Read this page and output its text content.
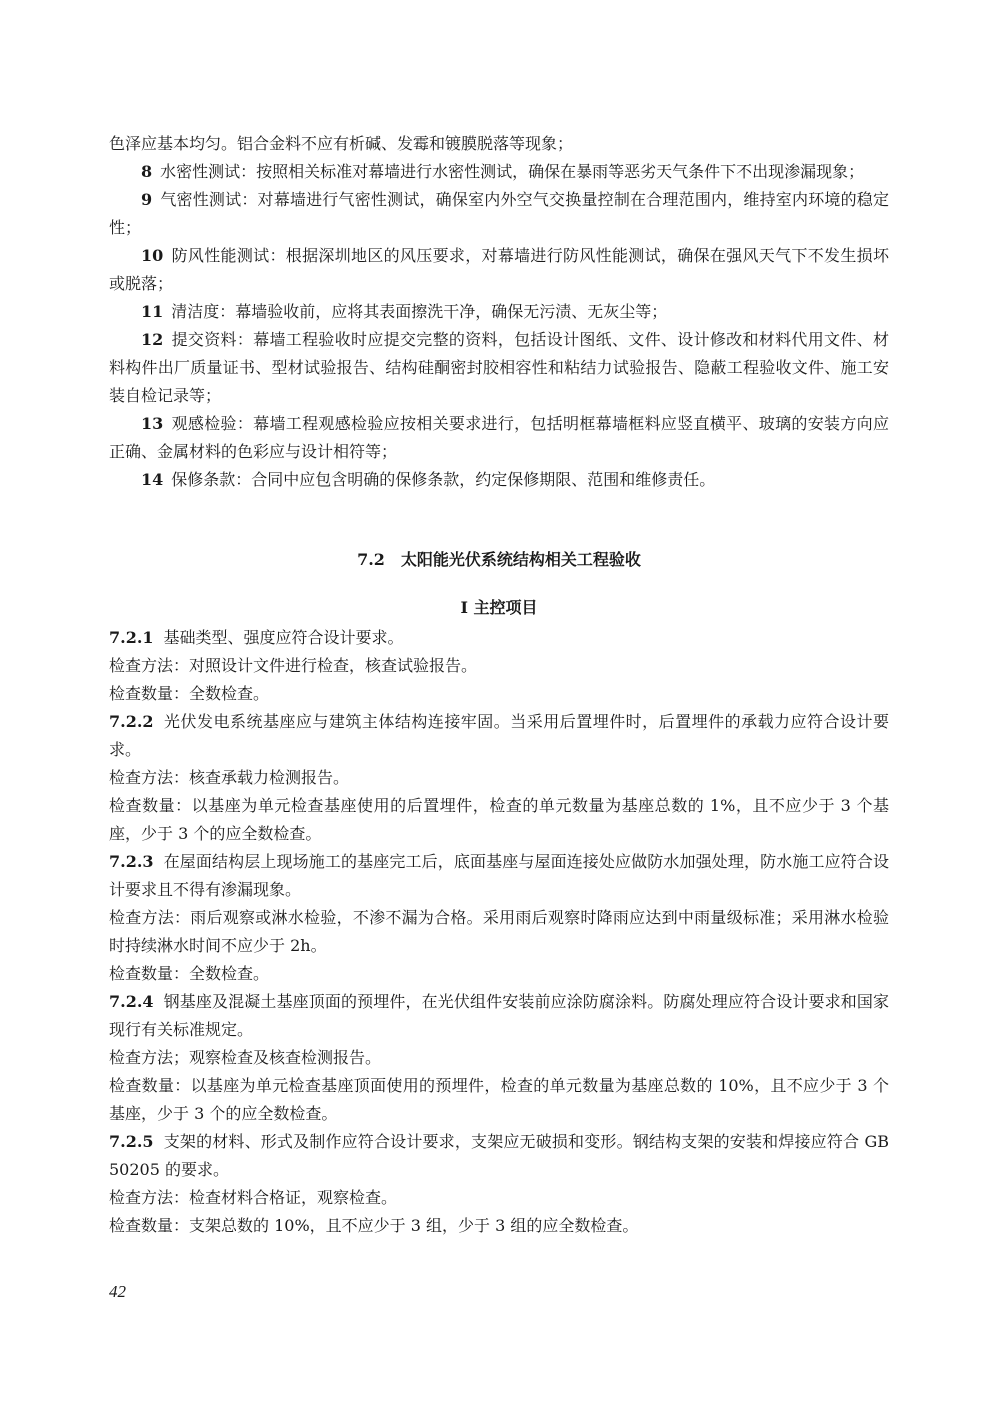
色泽应基本均匀。铝合金料不应有析碱、发霉和镀膜脱落等现象；

8 水密性测试：按照相关标准对幕墙进行水密性测试，确保在暴雨等恶劣天气条件下不出现渗漏现象；

9 气密性测试：对幕墙进行气密性测试，确保室内外空气交换量控制在合理范围内，维持室内环境的稳定性；

10 防风性能测试：根据深圳地区的风压要求，对幕墙进行防风性能测试，确保在强风天气下不发生损坏或脱落；

11 清洁度：幕墙验收前，应将其表面擦洗干净，确保无污渍、无灰尘等；

12 提交资料：幕墙工程验收时应提交完整的资料，包括设计图纸、文件、设计修改和材料代用文件、材料构件出厂质量证书、型材试验报告、结构硅酮密封胶相容性和粘结力试验报告、隐蔽工程验收文件、施工安装自检记录等；

13 观感检验：幕墙工程观感检验应按相关要求进行，包括明框幕墙框料应竖直横平、玻璃的安装方向应正确、金属材料的色彩应与设计相符等；

14 保修条款：合同中应包含明确的保修条款，约定保修期限、范围和维修责任。

7.2　太阳能光伏系统结构相关工程验收
Ⅰ 主控项目

7.2.1 基础类型、强度应符合设计要求。

检查方法：对照设计文件进行检查，核查试验报告。

检查数量：全数检查。

7.2.2 光伏发电系统基座应与建筑主体结构连接牢固。当采用后置埋件时，后置埋件的承载力应符合设计要求。

检查方法：核查承载力检测报告。

检查数量：以基座为单元检查基座使用的后置埋件，检查的单元数量为基座总数的 1%，且不应少于 3 个基座，少于 3 个的应全数检查。

7.2.3 在屋面结构层上现场施工的基座完工后，底面基座与屋面连接处应做防水加强处理，防水施工应符合设计要求且不得有渗漏现象。

检查方法：雨后观察或淋水检验，不渗不漏为合格。采用雨后观察时降雨应达到中雨量级标准；采用淋水检验时持续淋水时间不应少于 2h。

检查数量：全数检查。

7.2.4 钢基座及混凝土基座顶面的预埋件，在光伏组件安装前应涂防腐涂料。防腐处理应符合设计要求和国家现行有关标准规定。

检查方法；观察检查及核查检测报告。

检查数量：以基座为单元检查基座顶面使用的预埋件，检查的单元数量为基座总数的 10%，且不应少于 3 个基座，少于 3 个的应全数检查。

7.2.5 支架的材料、形式及制作应符合设计要求，支架应无破损和变形。钢结构支架的安装和焊接应符合 GB 50205 的要求。

检查方法：检查材料合格证，观察检查。

检查数量：支架总数的 10%，且不应少于 3 组，少于 3 组的应全数检查。

42
